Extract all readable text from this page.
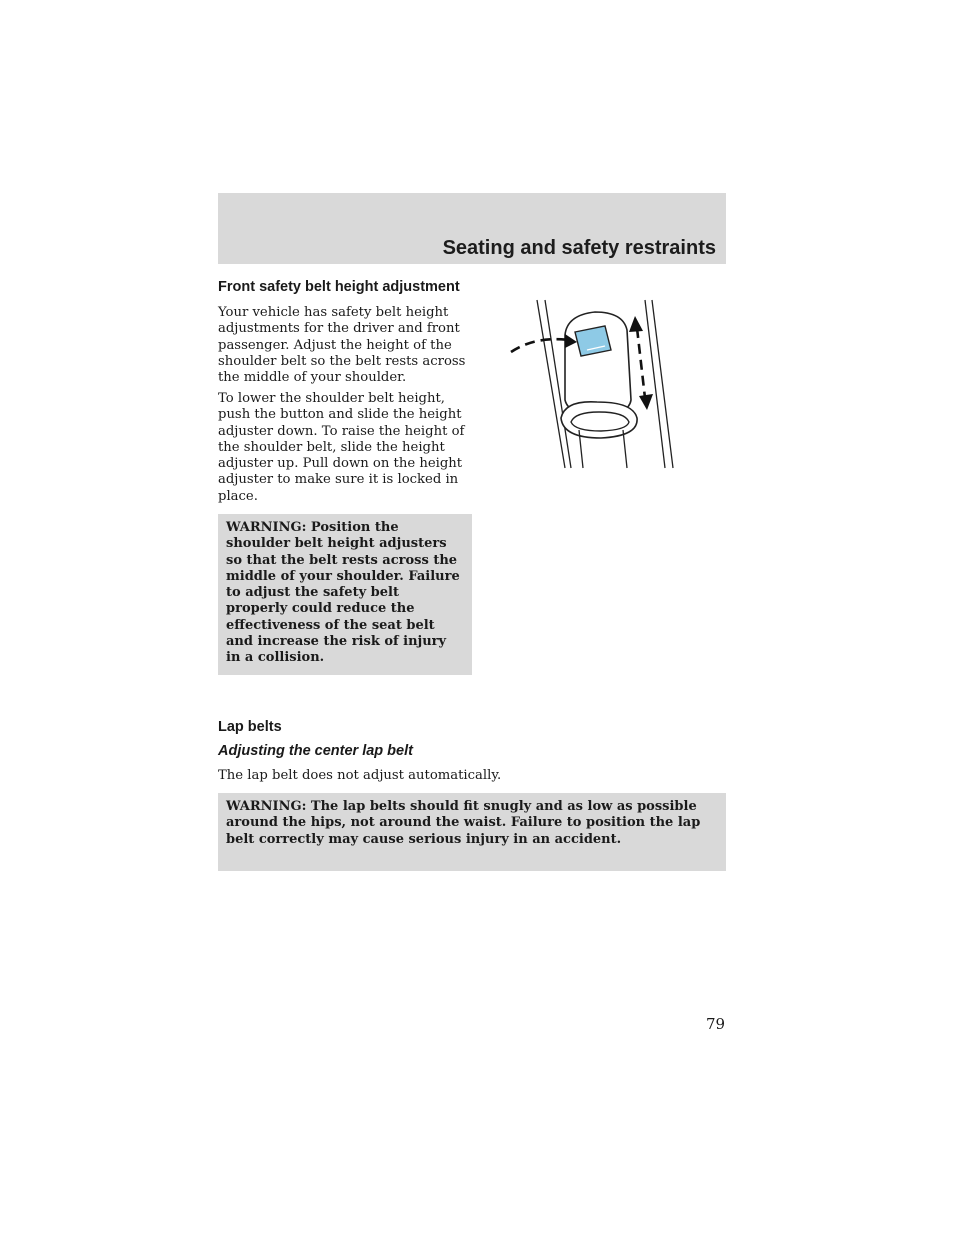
Seating and safety restraints
Front safety belt height adjustment

Your vehicle has safety belt height adjustments for the driver and front passenger. Adjust the height of the shoulder belt so the belt rests across the middle of your shoulder.

To lower the shoulder belt height, push the button and slide the height adjuster down. To raise the height of the shoulder belt, slide the height adjuster up. Pull down on the height adjuster to make sure it is locked in place.

WARNING: Position the shoulder belt height adjusters so that the belt rests across the middle of your shoulder. Failure to adjust the safety belt properly could reduce the effectiveness of the seat belt and increase the risk of injury in a collision.
Lap belts
Adjusting the center lap belt

The lap belt does not adjust automatically.

WARNING: The lap belts should fit snugly and as low as possible around the hips, not around the waist. Failure to position the lap belt correctly may cause serious injury in an accident.
79
